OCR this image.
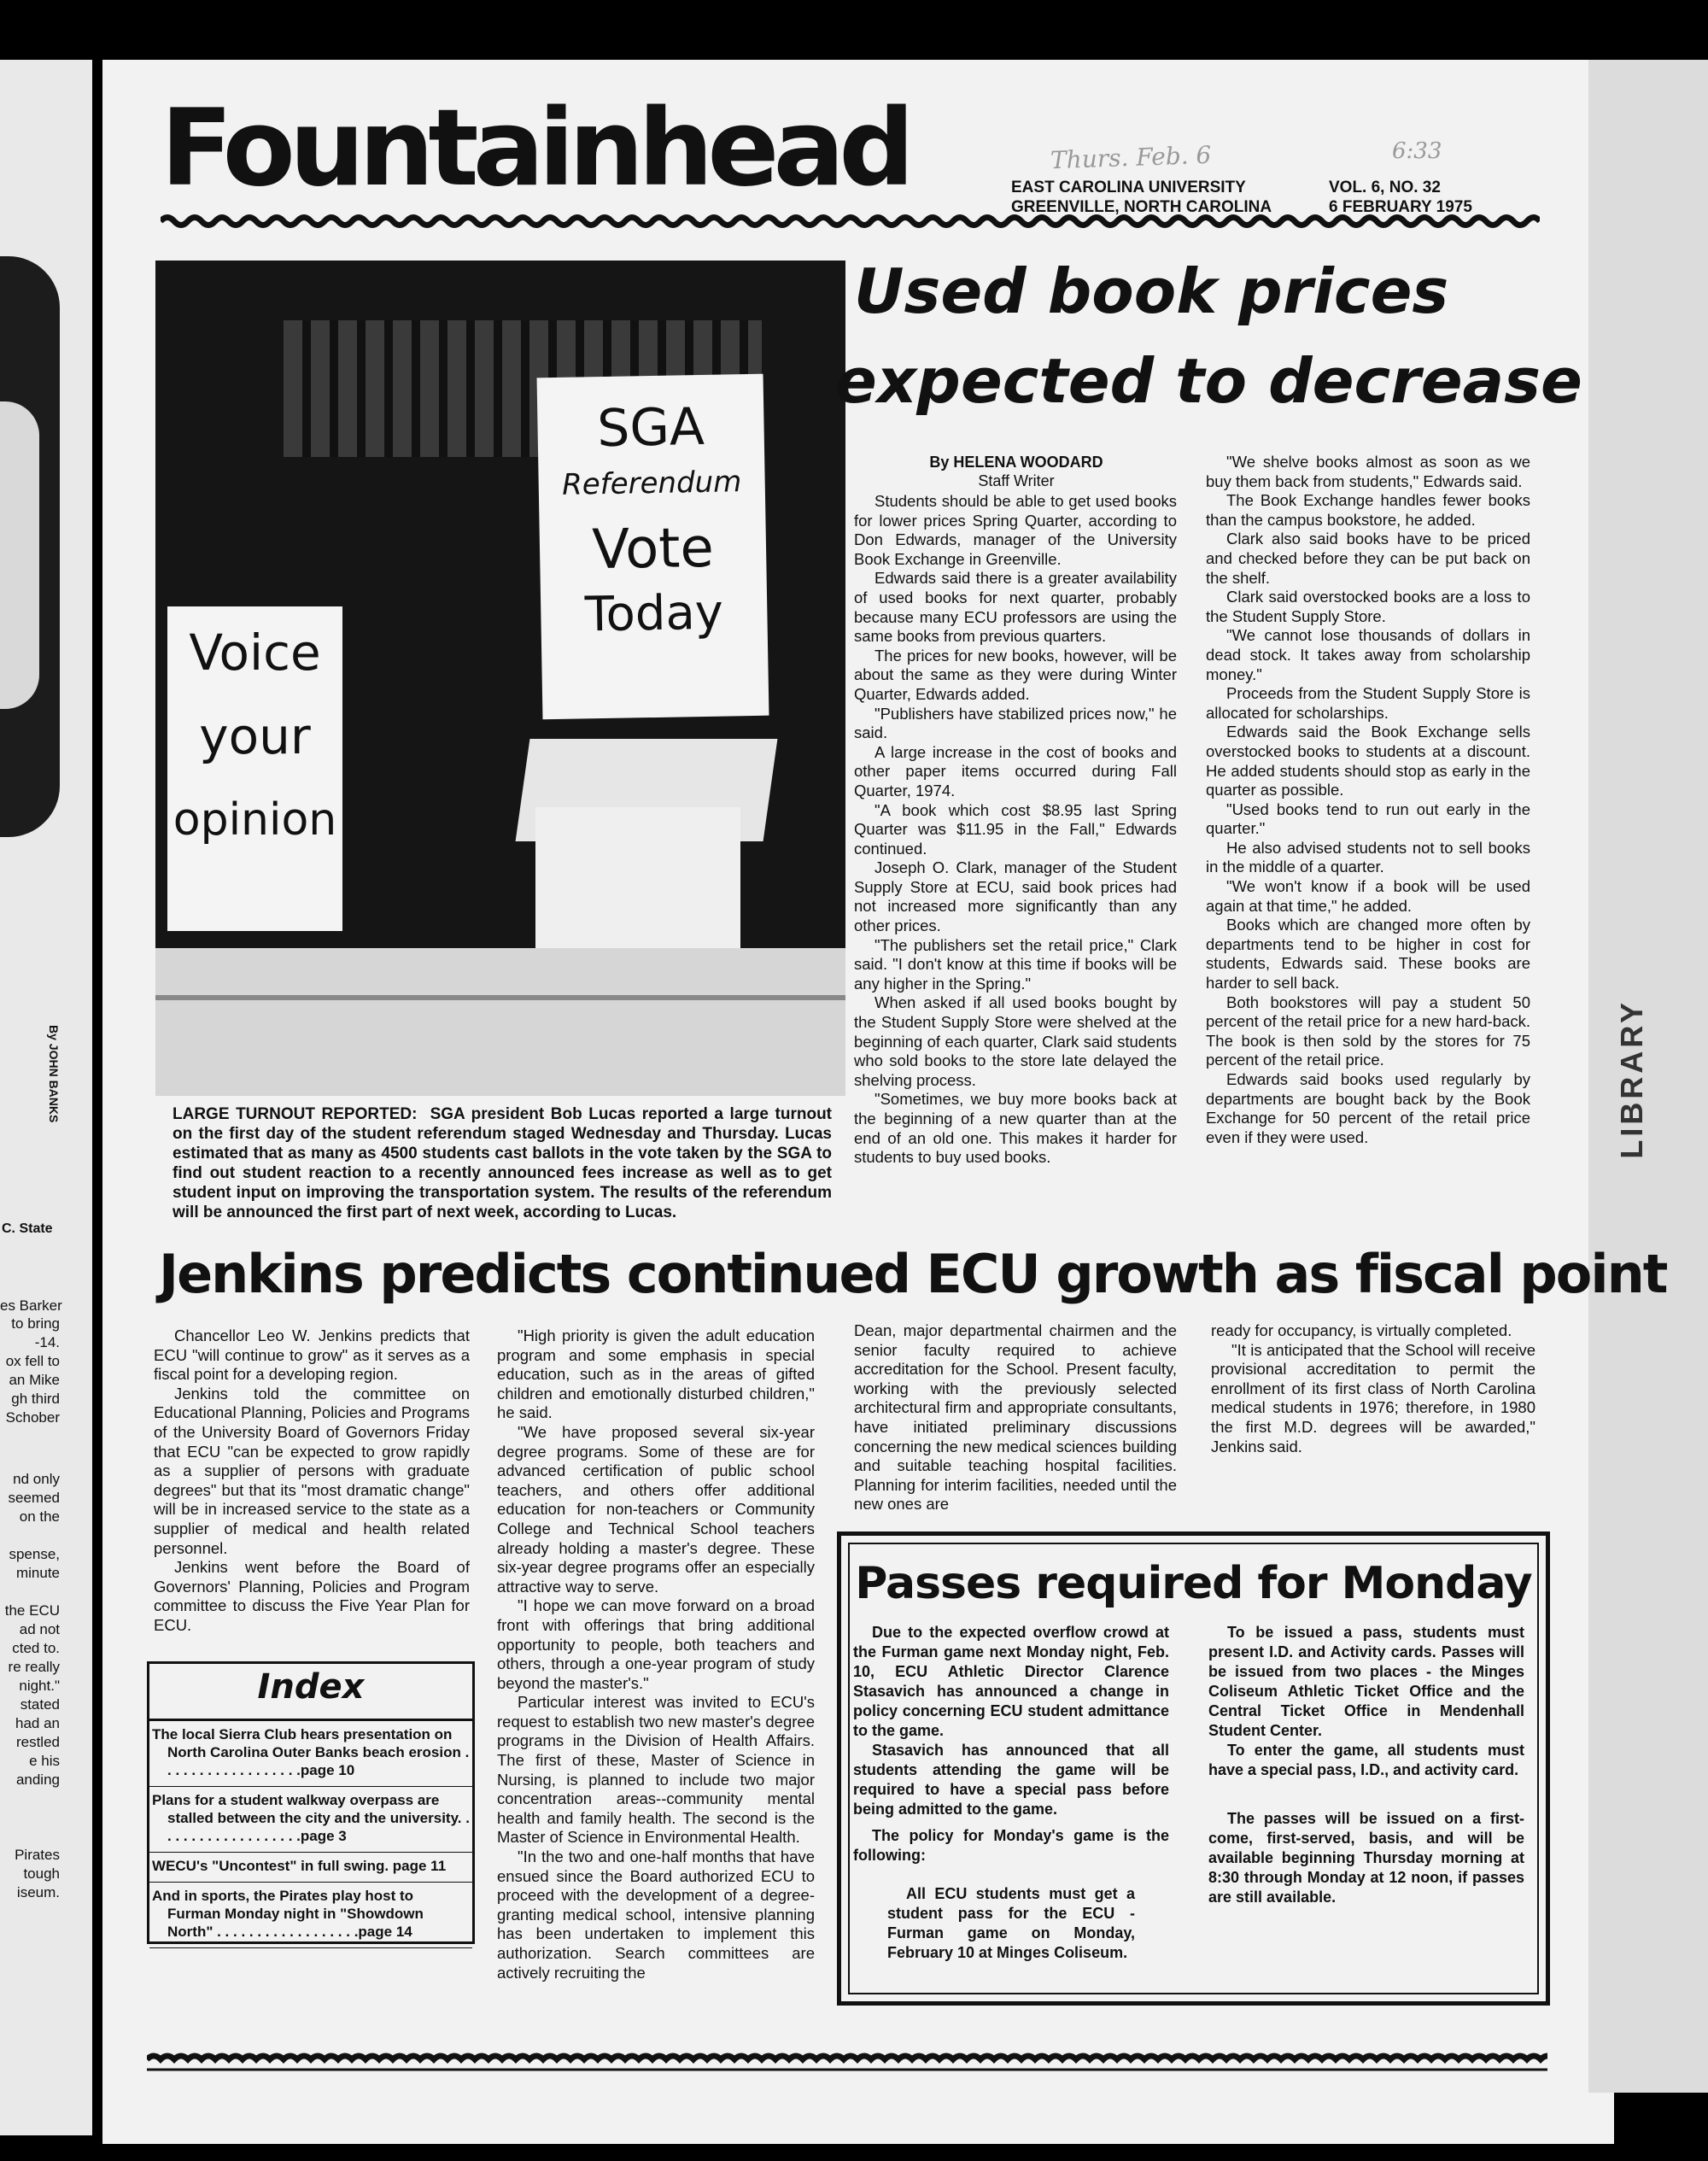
By JOHN BANKS
C. State
es Barker
to bring
-14.
ox fell to
an Mike
gh third
Schober
nd only
seemed
on the
spense,
minute
the ECU
ad not
cted to.
re really
night."
stated
had an
restled
e his
anding
Pirates
tough
iseum.
LIBRARY
Fountainhead	EAST CAROLINA UNIVERSITY
GREENVILLE, NORTH CAROLINA
VOL. 6, NO. 32
6 FEBRUARY 1975
Thurs. Feb. 6	6:33
SGA
Referendum
Vote
Today
Voice
your
opinion
LARGE TURNOUT REPORTED: SGA president Bob Lucas reported a large turnout on the first day of the student referendum staged Wednesday and Thursday. Lucas estimated that as many as 4500 students cast ballots in the vote taken by the SGA to find out student reaction to a recently announced fees increase as well as to get student input on improving the transportation system. The results of the referendum will be announced the first part of next week, according to Lucas.
Used book prices
expected to decrease
By HELENA WOODARD
Staff Writer

Students should be able to get used books for lower prices Spring Quarter, according to Don Edwards, manager of the University Book Exchange in Greenville.

Edwards said there is a greater availability of used books for next quarter, probably because many ECU professors are using the same books from previous quarters.

The prices for new books, however, will be about the same as they were during Winter Quarter, Edwards added.

"Publishers have stabilized prices now," he said.

A large increase in the cost of books and other paper items occurred during Fall Quarter, 1974.

"A book which cost $8.95 last Spring Quarter was $11.95 in the Fall," Edwards continued.

Joseph O. Clark, manager of the Student Supply Store at ECU, said book prices had not increased more significantly than any other prices.

"The publishers set the retail price," Clark said. "I don't know at this time if books will be any higher in the Spring."

When asked if all used books bought by the Student Supply Store were shelved at the beginning of each quarter, Clark said students who sold books to the store late delayed the shelving process.

"Sometimes, we buy more books back at the beginning of a new quarter than at the end of an old one. This makes it harder for students to buy used books.

"We shelve books almost as soon as we buy them back from students," Edwards said.

The Book Exchange handles fewer books than the campus bookstore, he added.

Clark also said books have to be priced and checked before they can be put back on the shelf.

Clark said overstocked books are a loss to the Student Supply Store.

"We cannot lose thousands of dollars in dead stock. It takes away from scholarship money."

Proceeds from the Student Supply Store is allocated for scholarships.

Edwards said the Book Exchange sells overstocked books to students at a discount. He added students should stop as early in the quarter as possible.

"Used books tend to run out early in the quarter."

He also advised students not to sell books in the middle of a quarter.

"We won't know if a book will be used again at that time," he added.

Books which are changed more often by departments tend to be higher in cost for students, Edwards said. These books are harder to sell back.

Both bookstores will pay a student 50 percent of the retail price for a new hard-back. The book is then sold by the stores for 75 percent of the retail price.

Edwards said books used regularly by departments are bought back by the Book Exchange for 50 percent of the retail price even if they were used.

Jenkins predicts continued ECU growth as fiscal point

Chancellor Leo W. Jenkins predicts that ECU "will continue to grow" as it serves as a fiscal point for a developing region.

Jenkins told the committee on Educational Planning, Policies and Programs of the University Board of Governors Friday that ECU "can be expected to grow rapidly as a supplier of persons with graduate degrees" but that its "most dramatic change" will be in increased service to the state as a supplier of medical and health related personnel.

Jenkins went before the Board of Governors' Planning, Policies and Program committee to discuss the Five Year Plan for ECU.

"High priority is given the adult education program and some emphasis in special education, such as in the areas of gifted children and emotionally disturbed children," he said.

"We have proposed several six-year degree programs. Some of these are for advanced certification of public school teachers, and others offer additional education for non-teachers or Community College and Technical School teachers already holding a master's degree. These six-year degree programs offer an especially attractive way to serve.

"I hope we can move forward on a broad front with offerings that bring additional opportunity to people, both teachers and others, through a one-year program of study beyond the master's."

Particular interest was invited to ECU's request to establish two new master's degree programs in the Division of Health Affairs. The first of these, Master of Science in Nursing, is planned to include two major concentration areas--community mental health and family health. The second is the Master of Science in Environmental Health.

"In the two and one-half months that have ensued since the Board authorized ECU to proceed with the development of a degree-granting medical school, intensive planning has been undertaken to implement this authorization. Search committees are actively recruiting the

Dean, major departmental chairmen and the senior faculty required to achieve accreditation for the School. Present faculty, working with the previously selected architectural firm and appropriate consultants, have initiated preliminary discussions concerning the new medical sciences building and suitable teaching hospital facilities. Planning for interim facilities, needed until the new ones are

ready for occupancy, is virtually completed.

"It is anticipated that the School will receive provisional accreditation to permit the enrollment of its first class of North Carolina medical students in 1976; therefore, in 1980 the first M.D. degrees will be awarded," Jenkins said.

Index
The local Sierra Club hears presentation on
North Carolina Outer Banks beach erosion . . . . . . . . . . . . . . . . . .page 10
Plans for a student walkway overpass are
stalled between the city and the university. . . . . . . . . . . . . . . . . . .page 3
WECU's "Uncontest" in full swing. page 11
And in sports, the Pirates play host to
Furman Monday night in "Showdown North" . . . . . . . . . . . . . . . . . .page 14
Passes required for Monday

Due to the expected overflow crowd at the Furman game next Monday night, Feb. 10, ECU Athletic Director Clarence Stasavich has announced a change in policy concerning ECU student admittance to the game.

Stasavich has announced that all students attending the game will be required to have a special pass before being admitted to the game.

The policy for Monday's game is the following:

All ECU students must get a student pass for the ECU - Furman game on Monday, February 10 at Minges Coliseum.

To be issued a pass, students must present I.D. and Activity cards. Passes will be issued from two places - the Minges Coliseum Athletic Ticket Office and the Central Ticket Office in Mendenhall Student Center.

To enter the game, all students must have a special pass, I.D., and activity card.

The passes will be issued on a first-come, first-served, basis, and will be available beginning Thursday morning at 8:30 through Monday at 12 noon, if passes are still available.
